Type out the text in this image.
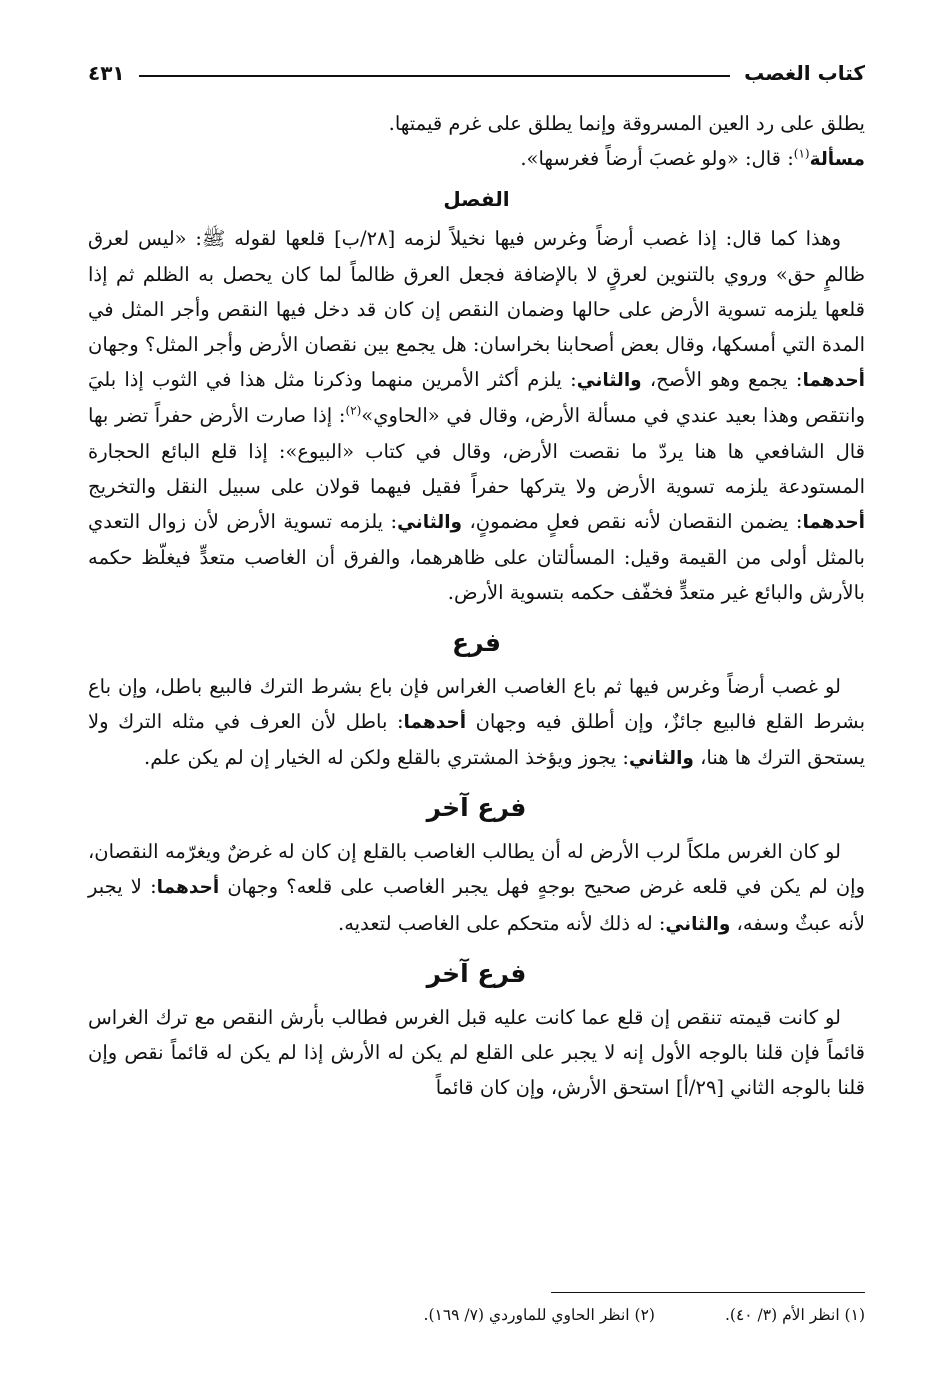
كتاب الغصب
٤٣١

يطلق على رد العين المسروقة وإنما يطلق على غرم قيمتها.

مسألة$^{(١)}$: قال: «ولو غصبَ أرضاً فغرسها».

الفصل

وهذا كما قال: إذا غصب أرضاً وغرس فيها نخيلاً لزمه [٢٨/ب] قلعها لقوله ﷺ: «ليس لعرق ظالمٍ حق» وروي بالتنوين لعرقٍ لا بالإضافة فجعل العرق ظالماً لما كان يحصل به الظلم ثم إذا قلعها يلزمه تسوية الأرض على حالها وضمان النقص إن كان قد دخل فيها النقص وأجر المثل في المدة التي أمسكها، وقال بعض أصحابنا بخراسان: هل يجمع بين نقصان الأرض وأجر المثل؟ وجهان أحدهما: يجمع وهو الأصح، والثاني: يلزم أكثر الأمرين منهما وذكرنا مثل هذا في الثوب إذا بليَ وانتقص وهذا بعيد عندي في مسألة الأرض، وقال في «الحاوي»$^{(٢)}$: إذا صارت الأرض حفراً تضر بها قال الشافعي ها هنا يردّ ما نقصت الأرض، وقال في كتاب «البيوع»: إذا قلع البائع الحجارة المستودعة يلزمه تسوية الأرض ولا يتركها حفراً فقيل فيهما قولان على سبيل النقل والتخريج أحدهما: يضمن النقصان لأنه نقص فعلٍ مضمونٍ، والثاني: يلزمه تسوية الأرض لأن زوال التعدي بالمثل أولى من القيمة وقيل: المسألتان على ظاهرهما، والفرق أن الغاصب متعدٍّ فيغلّظ حكمه بالأرش والبائع غير متعدٍّ فخفّف حكمه بتسوية الأرض.

فرع

لو غصب أرضاً وغرس فيها ثم باع الغاصب الغراس فإن باع بشرط الترك فالبيع باطل، وإن باع بشرط القلع فالبيع جائزٌ، وإن أطلق فيه وجهان أحدهما: باطل لأن العرف في مثله الترك ولا يستحق الترك ها هنا، والثاني: يجوز ويؤخذ المشتري بالقلع ولكن له الخيار إن لم يكن علم.

فرع آخر

لو كان الغرس ملكاً لرب الأرض له أن يطالب الغاصب بالقلع إن كان له غرضٌ ويغرّمه النقصان، وإن لم يكن في قلعه غرض صحيح بوجهٍ فهل يجبر الغاصب على قلعه؟ وجهان أحدهما: لا يجبر لأنه عبثٌ وسفه، والثاني: له ذلك لأنه متحكم على الغاصب لتعديه.

فرع آخر

لو كانت قيمته تنقص إن قلع عما كانت عليه قبل الغرس فطالب بأرش النقص مع ترك الغراس قائماً فإن قلنا بالوجه الأول إنه لا يجبر على القلع لم يكن له الأرش إذا لم يكن له قائماً نقص وإن قلنا بالوجه الثاني [٢٩/أ] استحق الأرش، وإن كان قائماً

(١) انظر الأم (٣/ ٤٠).
(٢) انظر الحاوي للماوردي (٧/ ١٦٩).
